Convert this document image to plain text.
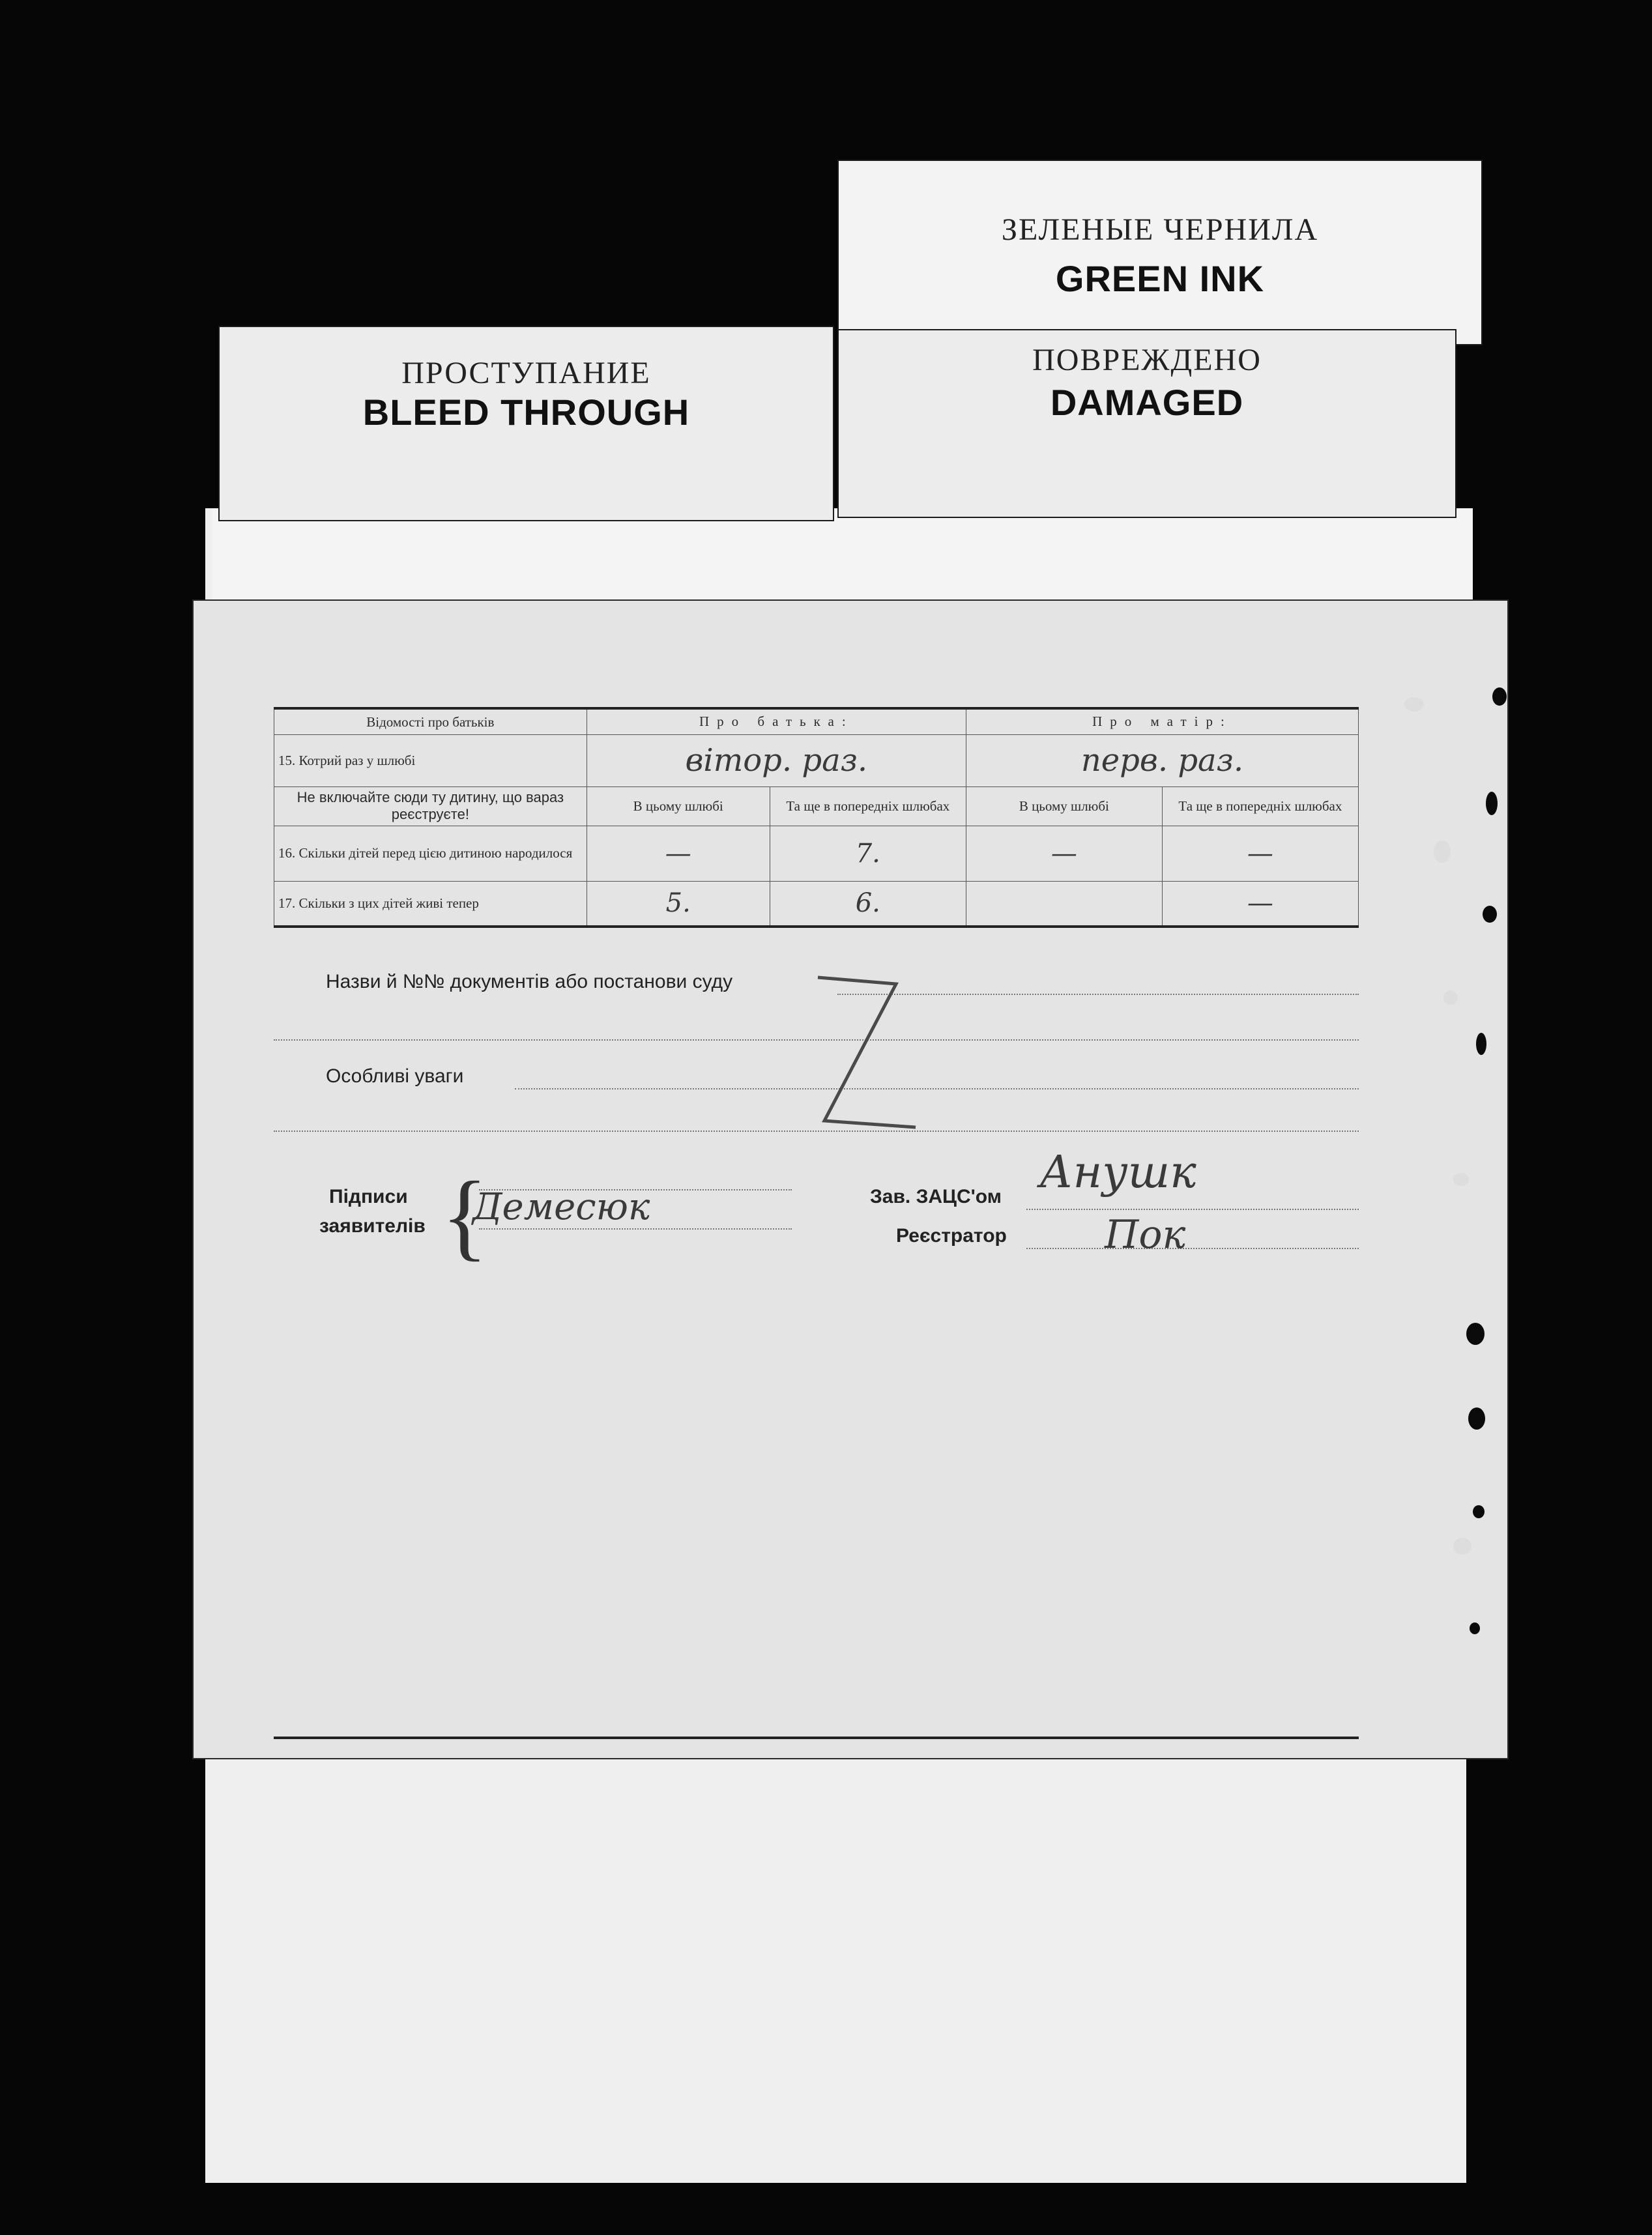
ЗЕЛЕНЫЕ ЧЕРНИЛА
GREEN INK
ПРОСТУПАНИЕ
BLEED THROUGH
ПОВРЕЖДЕНО
DAMAGED
Відомості про батьків	Про батька:		Про матір:	
15. Котрий раз у шлюбі	вітор. раз.		перв. раз.	
Не включайте сюди ту дитину, що вараз реєструєте!	В цьому шлюбі	Та ще в попередніх шлюбах	В цьому шлюбі	Та ще в попередніх шлюбах
16. Скільки дітей перед цією дитиною народилося	—	7.	—	—
17. Скільки з цих дітей живі тепер	5.	6.		—
Назви й №№ документів або постанови суду
Особливі уваги
Підписи
заявителів {
Демесюк	Зав. ЗАЦС'ом
Реєстратор
Анушк
Пок
